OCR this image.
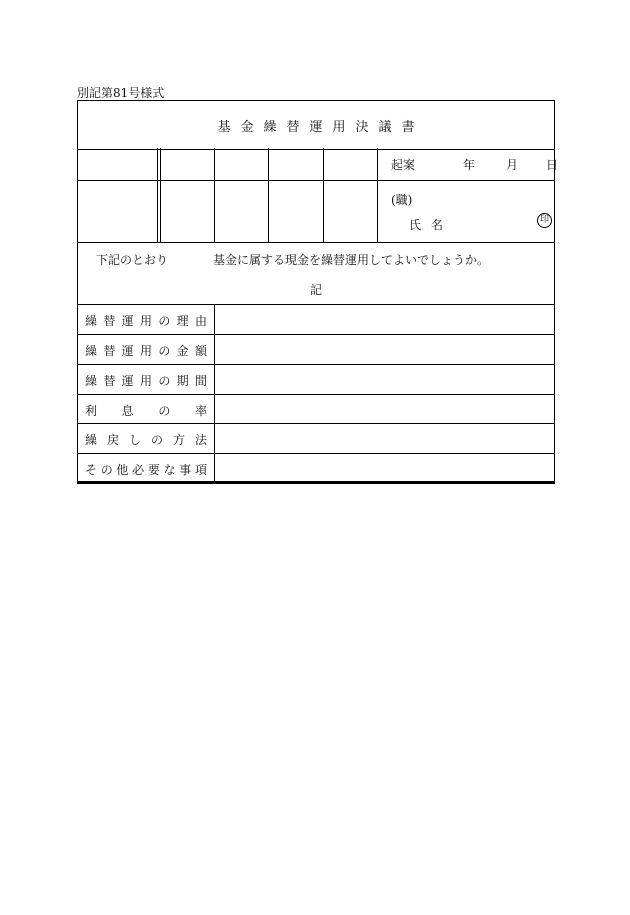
別記第81号様式
基金繰替運用決議書
起案	年	月 日
(職)
氏名	印
下記のとおり	基金に属する現金を繰替運用してよいでしょうか。
記
繰替運用の理由
繰替運用の金額
繰替運用の期間
利息の率
繰戻しの方法
その他必要な事項
